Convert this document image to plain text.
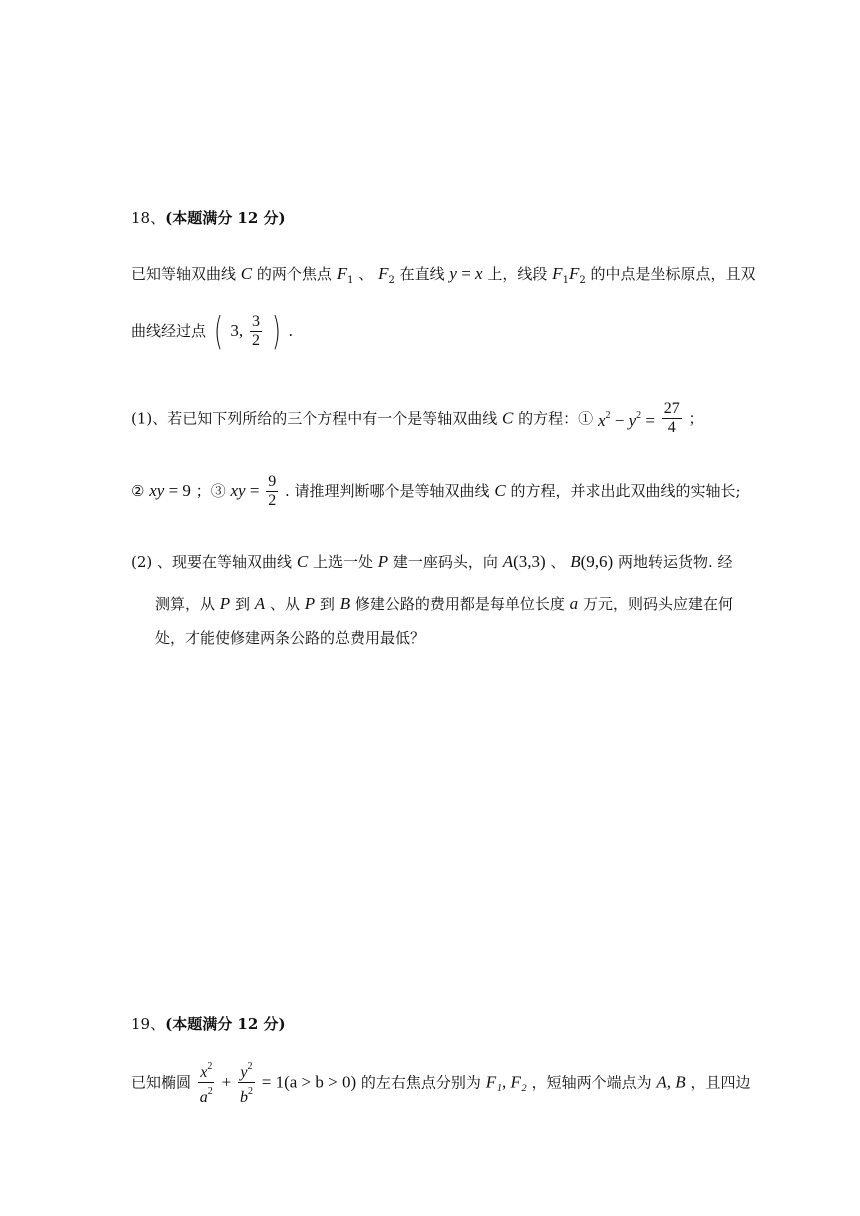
18、(本题满分 12 分)
已知等轴双曲线 C 的两个焦点 $F_1$ 、 $F_2$ 在直线 y = x 上，线段 $F_1F_2$ 的中点是坐标原点，且双
曲线经过点 ( 3, $\frac{3}{2}$ ) .
(1)、若已知下列所给的三个方程中有一个是等轴双曲线 C 的方程：① $x^2 - y^2 = \frac{27}{4}$ ；
② xy = 9 ；③ xy = $\frac{9}{2}$ . 请推理判断哪个是等轴双曲线 C 的方程，并求出此双曲线的实轴长;
(2) 、现要在等轴双曲线 C 上选一处 P 建一座码头，向 A(3,3) 、 B(9,6) 两地转运货物. 经
测算，从 P 到 A 、从 P 到 B 修建公路的费用都是每单位长度 a 万元，则码头应建在何
处，才能使修建两条公路的总费用最低？
19、(本题满分 12 分)
已知椭圆 $\frac{x^2}{a^2} + \frac{y^2}{b^2} = 1(a > b > 0)$ 的左右焦点分别为 F₁, F₂ ，短轴两个端点为 A, B ，且四边
